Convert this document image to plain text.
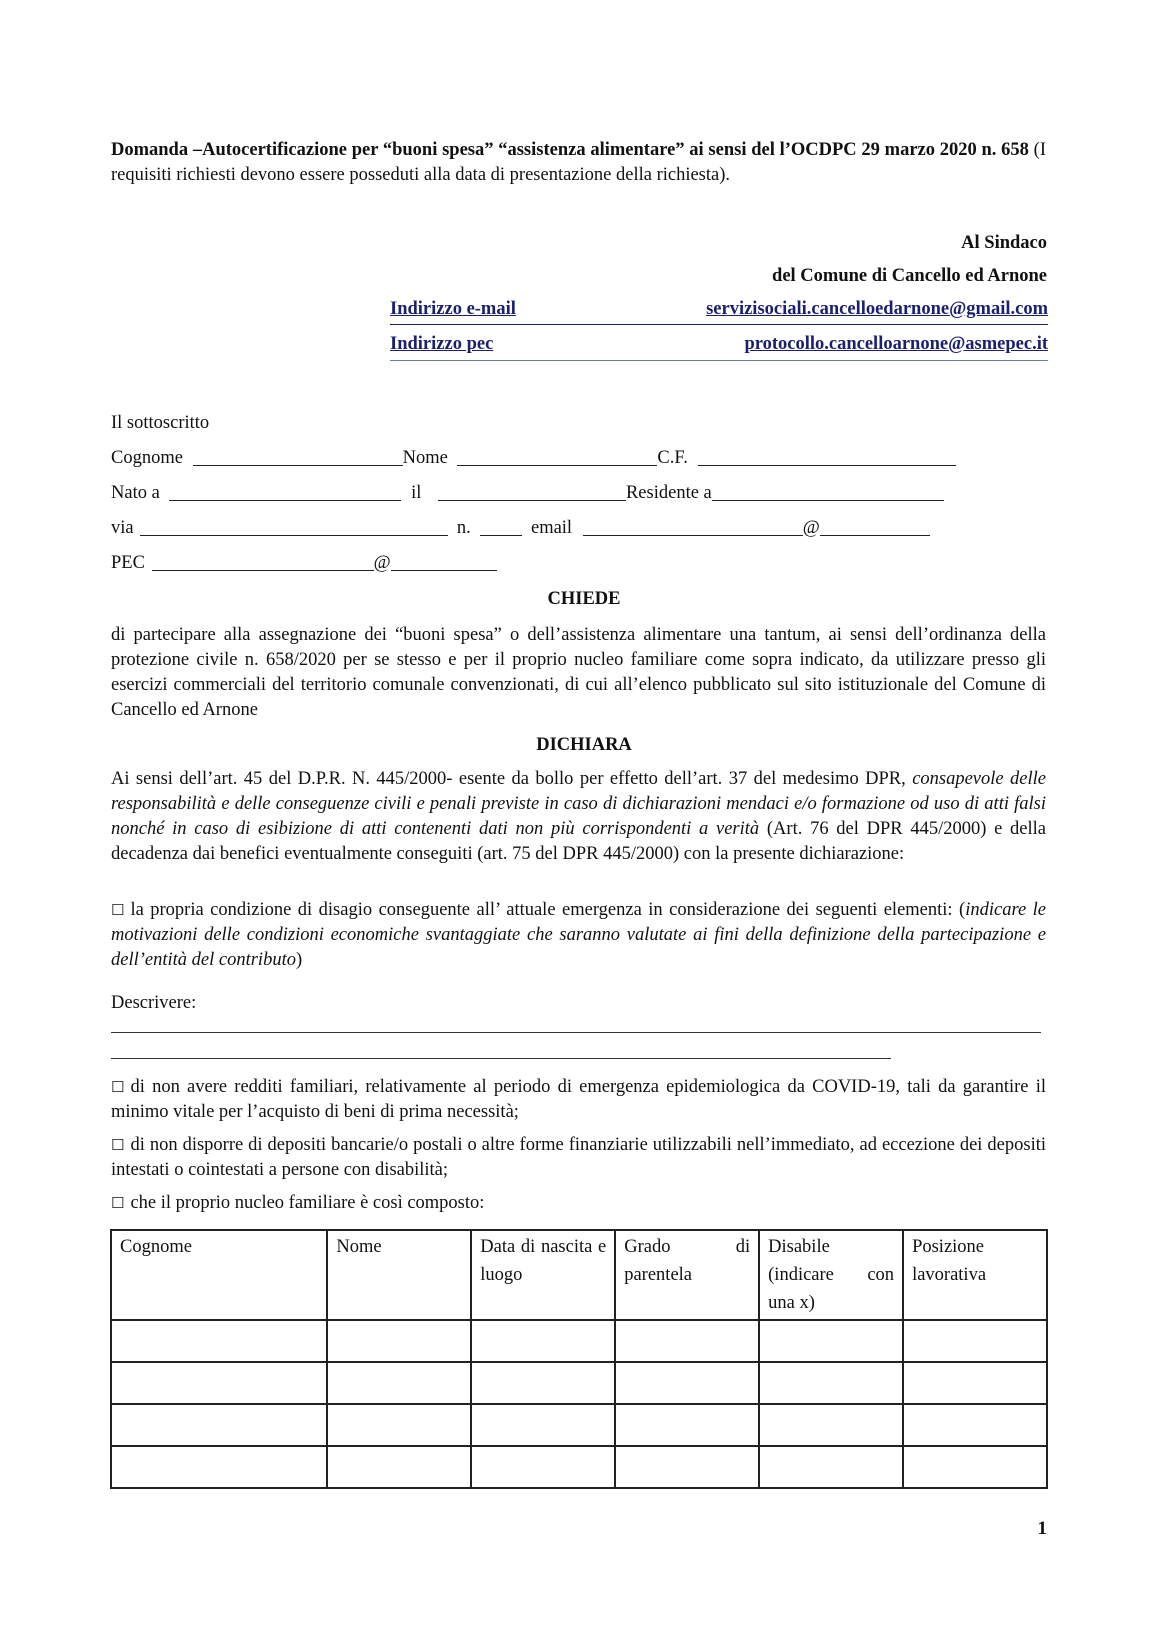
Domanda –Autocertificazione per “buoni spesa” “assistenza alimentare” ai sensi del l’OCDPC 29 marzo 2020 n. 658 (I requisiti richiesti devono essere posseduti alla data di presentazione della richiesta).
Al Sindaco
del Comune di Cancello ed Arnone
Indirizzo e-mail	servizisociali.cancelloedarnone@gmail.com
Indirizzo pec	protocollo.cancelloarnone@asmepec.it
Il sottoscritto
Cognome	Nome	C.F.
Nato a	il	Residente a
via	n.	email	@
PEC	@
CHIEDE
di partecipare alla assegnazione dei “buoni spesa” o dell’assistenza alimentare una tantum, ai sensi dell’ordinanza della protezione civile n. 658/2020 per se stesso e per il proprio nucleo familiare come sopra indicato, da utilizzare presso gli esercizi commerciali del territorio comunale convenzionati, di cui all’elenco pubblicato sul sito istituzionale del Comune di Cancello ed Arnone
DICHIARA
Ai sensi dell’art. 45 del D.P.R. N. 445/2000- esente da bollo per effetto dell’art. 37 del medesimo DPR, consapevole delle responsabilità e delle conseguenze civili e penali previste in caso di dichiarazioni mendaci e/o formazione od uso di atti falsi nonché in caso di esibizione di atti contenenti dati non più corrispondenti a verità (Art. 76 del DPR 445/2000) e della decadenza dai benefici eventualmente conseguiti (art. 75 del DPR 445/2000) con la presente dichiarazione:
☐ la propria condizione di disagio conseguente all’ attuale emergenza in considerazione dei seguenti elementi: (indicare le motivazioni delle condizioni economiche svantaggiate che saranno valutate ai fini della definizione della partecipazione e dell’entità del contributo)
Descrivere:
☐ di non avere redditi familiari, relativamente al periodo di emergenza epidemiologica da COVID-19, tali da garantire il minimo vitale per l’acquisto di beni di prima necessità;
☐ di non disporre di depositi bancarie/o postali o altre forme finanziarie utilizzabili nell’immediato, ad eccezione dei depositi intestati o cointestati a persone con disabilità;
☐ che il proprio nucleo familiare è così composto:
Cognome	Nome	Data di nascita e luogo	Grado di parentela	Disabile (indicare con una x)	Posizione lavorativa

1
